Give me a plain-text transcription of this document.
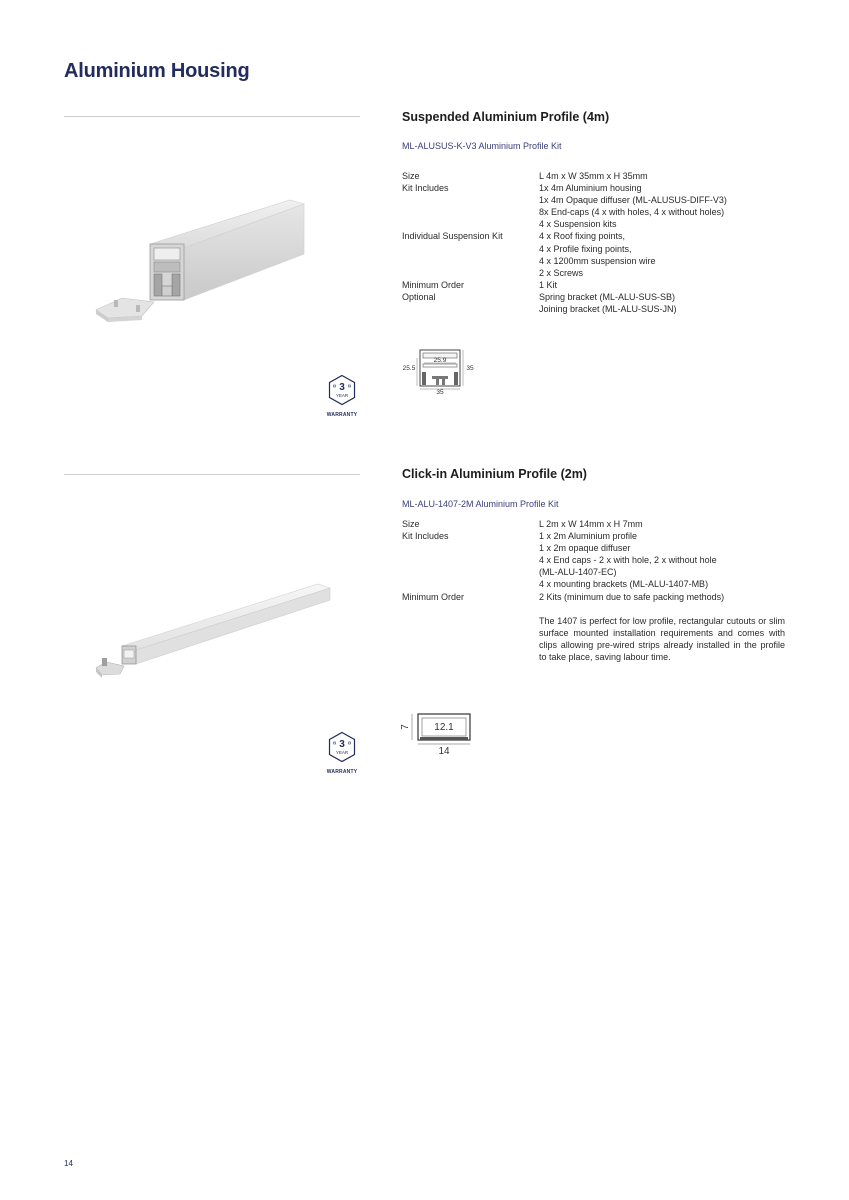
Aluminium Housing
Suspended Aluminium Profile (4m)
ML-ALUSUS-K-V3 Aluminium Profile Kit
Size	L 4m x W 35mm x H 35mm

Kit Includes	1x 4m Aluminium housing
1x 4m Opaque diffuser (ML-ALUSUS-DIFF-V3)
8x End-caps (4 x with holes, 4 x without holes)
4 x Suspension kits

Individual Suspension Kit	4 x Roof fixing points,
4 x Profile fixing points,
4 x 1200mm suspension wire
2 x Screws

Minimum Order	1 Kit

Optional	Spring bracket (ML-ALU-SUS-SB)
Joining bracket (ML-ALU-SUS-JN)
25.9
25.5	35
35
3
YEAR
WARRANTY
Click-in Aluminium Profile (2m)
ML-ALU-1407-2M Aluminium Profile Kit
Size	L 2m x W 14mm x H 7mm

Kit Includes	1 x 2m Aluminium profile
1 x 2m opaque diffuser
4 x End caps - 2 x with hole, 2 x without hole
(ML-ALU-1407-EC)
4 x mounting brackets (ML-ALU-1407-MB)

Minimum Order	2 Kits (minimum due to safe packing methods)

The 1407 is perfect for low profile, rectangular cutouts or slim surface mounted installation requirements and comes with clips allowing pre-wired strips already installed in the profile to take place, saving labour time.

12.1
7
14
3
YEAR
WARRANTY
14
